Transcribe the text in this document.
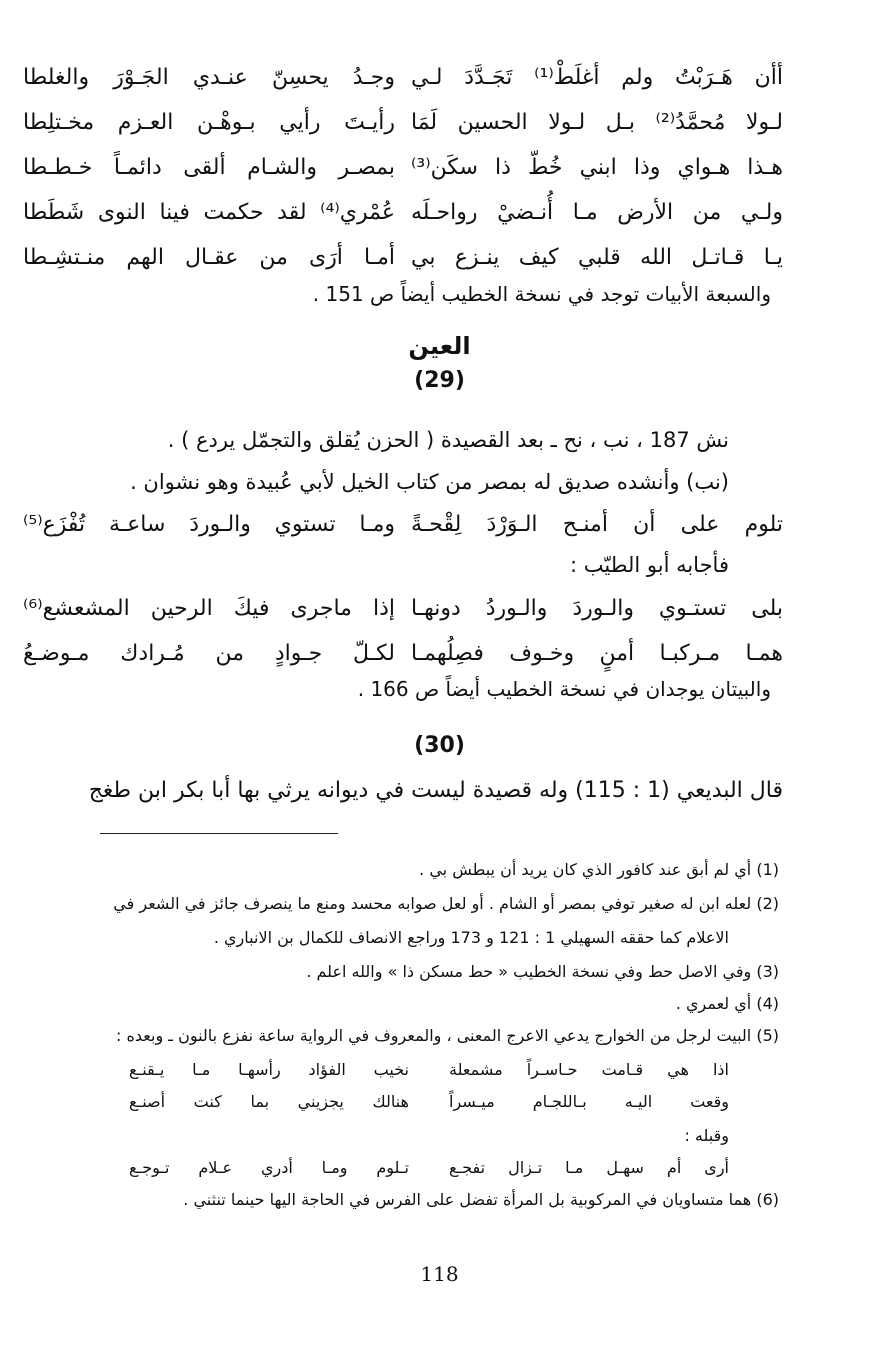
أأن هَـرَبْتُ ولم أغلَطْ⁽¹⁾ تَجَـدَّدَ لـي
وجـدُ يحسِنّ عنـدي الجَـوْرَ والغلطا
لـولا مُحمَّدُ⁽²⁾ بـل لـولا الحسين لَمَا
رأيـتَ رأيي بـوهْـن العـزم مخـتلِطا
هـذا هـواي وذا ابني خُطّ ذا سكَن⁽³⁾
بمصـر والشـام ألقى دائمـاً خـطـطا
ولـي من الأرض مـا أُنـضيْ رواحـلَه
عُمْري⁽⁴⁾ لقد حكمت فينا النوى شَطَطا
يـا قـاتـل الله قلبي كيف ينـزع بي
أمـا أرَى من عقـال الهم منـتشِـطا
والسبعة الأبيات توجد في نسخة الخطيب أيضاً ص 151 .
العين
(29)
نش 187 ، نب ، نح ـ بعد القصيدة ( الحزن يُقلق والتجمّل يردع ) .
(نب) وأنشده صديق له بمصر من كتاب الخيل لأبي عُبيدة وهو نشوان .
تلوم على أن أمنـح الـوَرْدَ لِقْحـةً
ومـا تستوي والـوردَ ساعـة تُفْزَع⁽⁵⁾
فأجابه أبو الطيّب :
بلى تستـوي والـوردَ والـوردُ دونهـا
إذا ماجرى فيكَ الرحين المشعشع⁽⁶⁾
همـا مـركبـا أمنٍ وخـوف فصِلُهمـا
لكـلّ جـوادٍ من مُـرادك مـوضـعُ
والبيتان يوجدان في نسخة الخطيب أيضاً ص 166 .
(30)
قال البديعي (1 : 115) وله قصيدة ليست في ديوانه يرثي بها أبا بكر ابن طغج
(1) أي لم أبق عند كافور الذي كان يريد أن يبطش بي .
(2) لعله ابن له صغير توفي بمصر أو الشام . أو لعل صوابه محسد ومنع ما ينصرف جائز في الشعر في
الاعلام كما حققه السهيلي 1 : 121 و 173 وراجع الانصاف للكمال بن الانباري .
(3) وفي الاصل حط وفي نسخة الخطيب « حط مسكن ذا » والله اعلم .
(4) أي لعمري .
(5) البيت لرجل من الخوارج يدعي الاعرج المعنى ، والمعروف في الرواية ساعة نفزع بالنون ـ وبعده :
اذا هي قـامت حـاسـراً مشمعلة
نخيب الفؤاد رأسهـا مـا يـقنـع
وقعت اليـه بـاللجـام ميـسراً
هنالك يجزيني بما كنت أصنـع
وقبله :
أرى أم سهـل مـا تـزال تفجـع
تـلوم ومـا أدري عـلام تـوجـع
(6) هما متساويان في المركوبية بل المرأة تفضل على الفرس في الحاجة اليها حينما تنثني .
118
